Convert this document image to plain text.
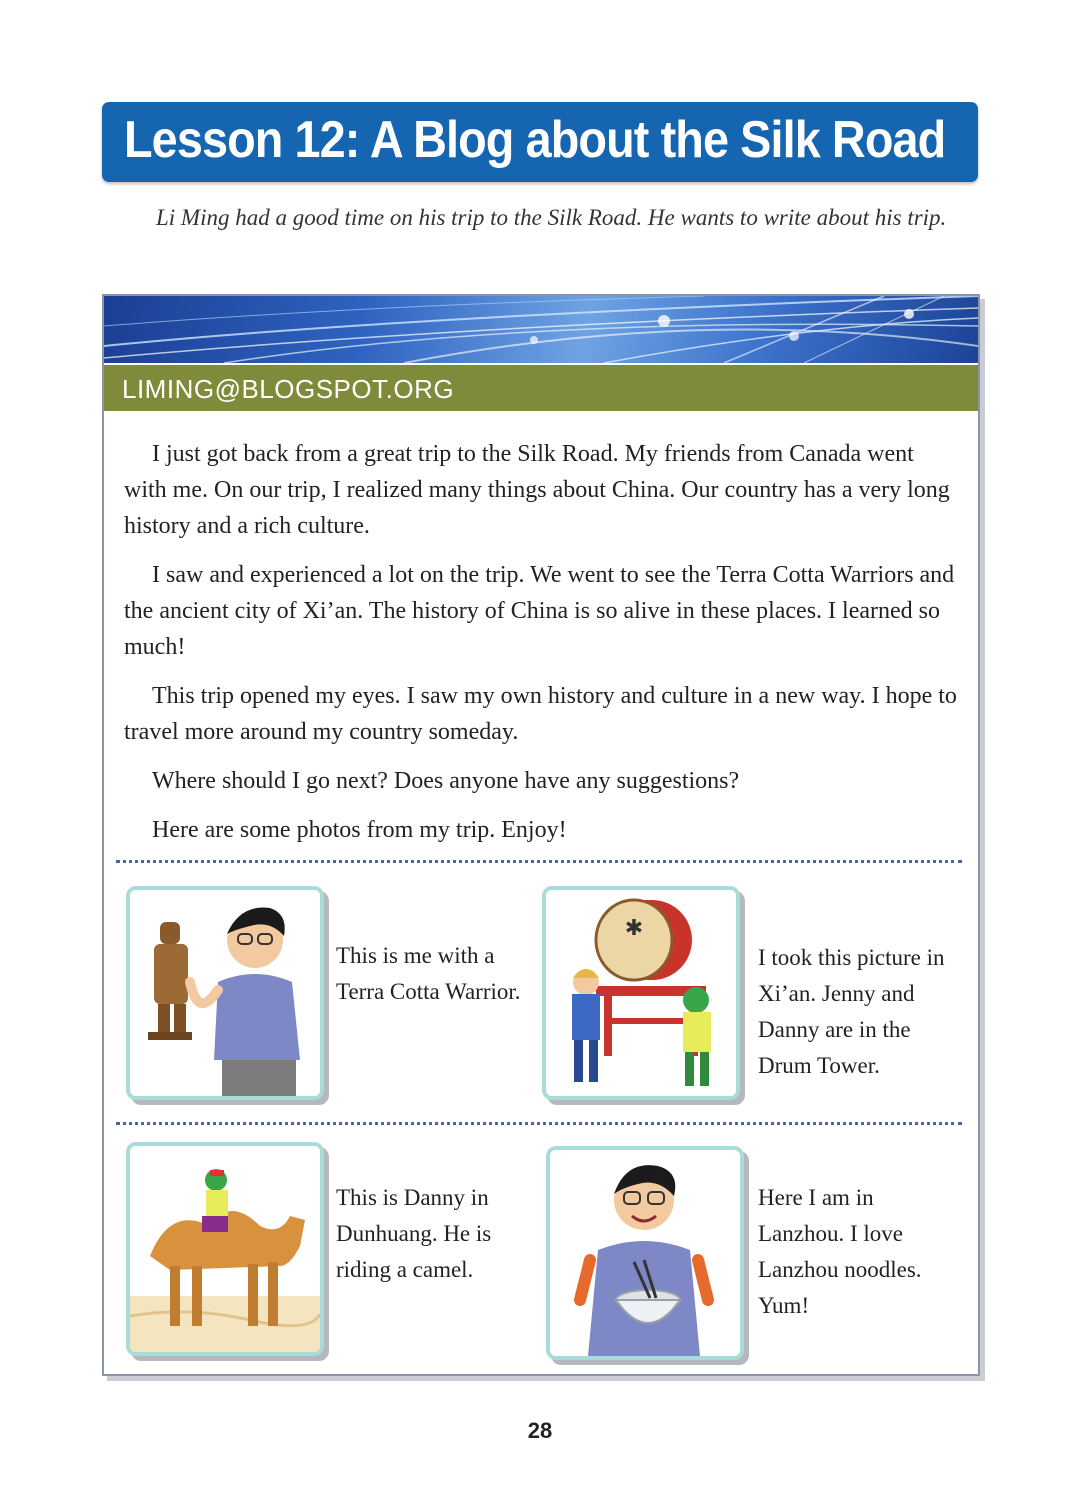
Lesson 12: A Blog about the Silk Road
Li Ming had a good time on his trip to the Silk Road. He wants to write about his trip.
LIMING@BLOGSPOT.ORG

I just got back from a great trip to the Silk Road. My friends from Canada went with me. On our trip, I realized many things about China. Our country has a very long history and a rich culture.

I saw and experienced a lot on the trip. We went to see the Terra Cotta Warriors and the ancient city of Xi’an. The history of China is so alive in these places. I learned so much!

This trip opened my eyes. I saw my own history and culture in a new way. I hope to travel more around my country someday.

Where should I go next? Does anyone have any suggestions?

Here are some photos from my trip. Enjoy!

This is me with a Terra Cotta Warrior.
✱
I took this picture in Xi’an. Jenny and Danny are in the Drum Tower.
This is Danny in Dunhuang. He is riding a camel.
Here I am in Lanzhou. I love Lanzhou noodles. Yum!
28
